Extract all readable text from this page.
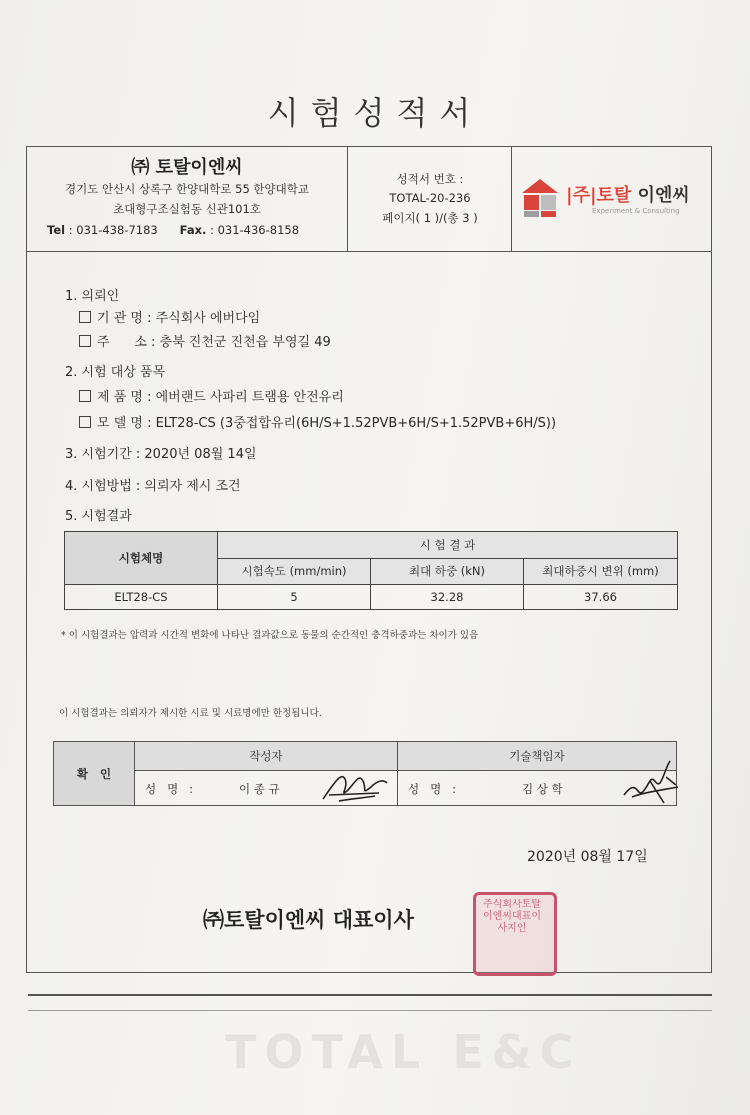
시험성적서
㈜ 토탈이엔씨
경기도 안산시 상록구 한양대학로 55 한양대학교
초대형구조실험동 신관101호
Tel : 031-438-7183 Fax. : 031-436-8158
성적서 번호 :
TOTAL-20-236
페이지( 1 )/(총 3 )
|주|토탈 이엔씨
Experiment & Consulting
1. 의뢰인
기 관 명 : 주식회사 에버다임
주      소 : 충북 진천군 진천읍 부영길 49
2. 시험 대상 품목
제 품 명 : 에버랜드 사파리 트램용 안전유리
모 델 명 : ELT28-CS (3중접합유리(6H/S+1.52PVB+6H/S+1.52PVB+6H/S))
3. 시험기간 : 2020년 08월 14일
4. 시험방법 : 의뢰자 제시 조건
5. 시험결과
시험체명	시 험 결 과		
	시험속도 (mm/min)	최대 하중 (kN)	최대하중시 변위 (mm)
ELT28-CS	5	32.28	37.66
* 이 시험결과는 압력과 시간적 변화에 나타난 결과값으로 동물의 순간적인 충격하중과는 차이가 있음
이 시험결과는 의뢰자가 제시한 시료 및 시료명에만 한정됩니다.
확   인	작성자	기술책임자

	성   명   : 이 종 규	성   명   : 김 상 학
2020년 08월 17일
㈜토탈이엔씨 대표이사
주식회사토탈이엔씨대표이사지인
TOTAL E&C
